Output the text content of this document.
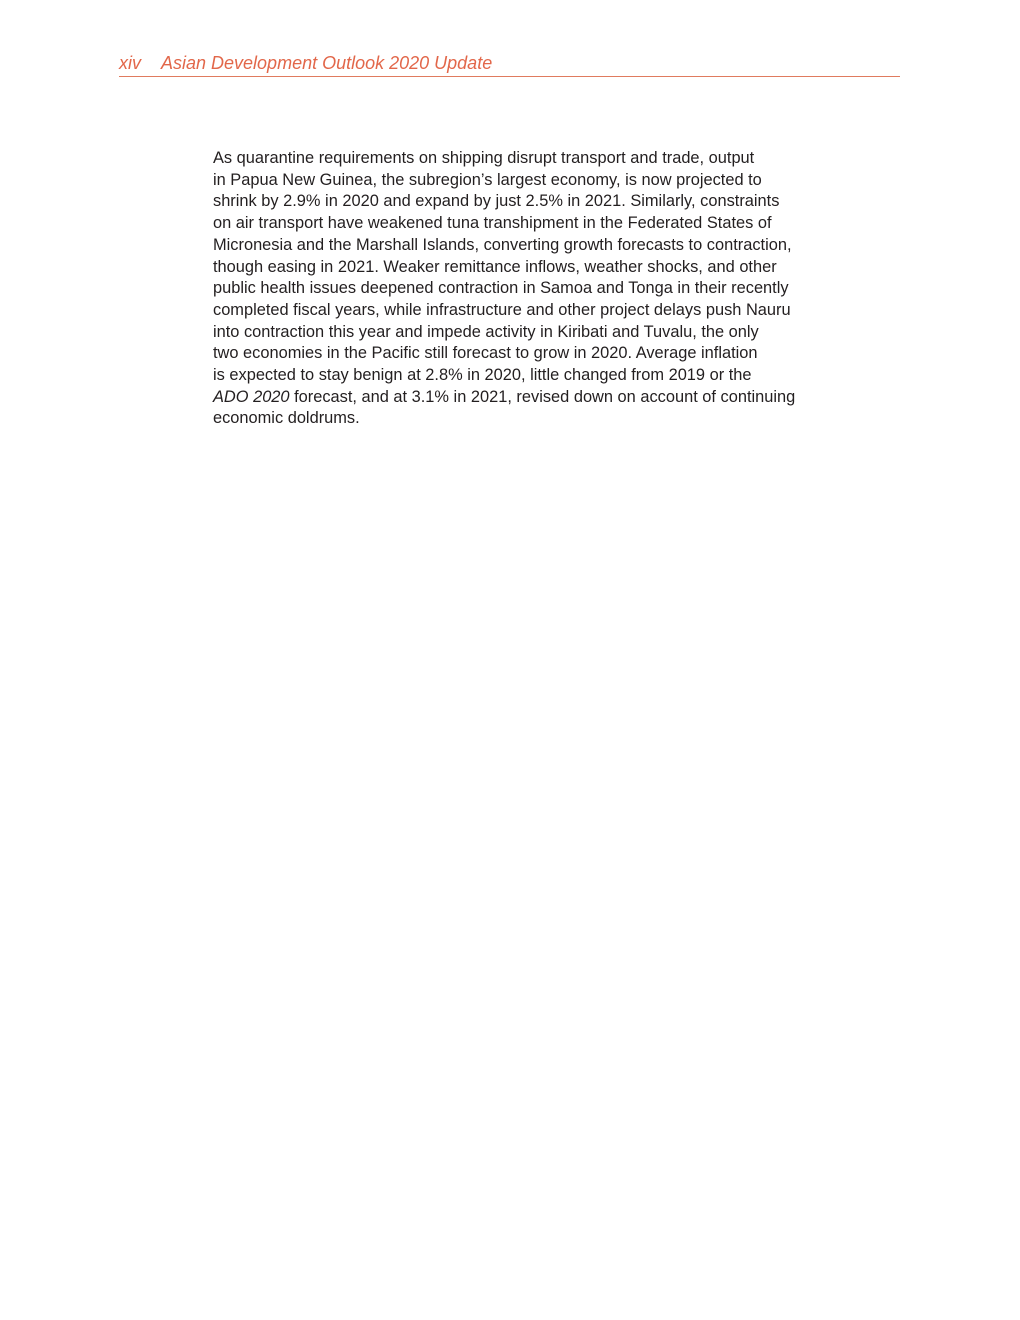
xiv Asian Development Outlook 2020 Update

As quarantine requirements on shipping disrupt transport and trade, output
in Papua New Guinea, the subregion’s largest economy, is now projected to
shrink by 2.9% in 2020 and expand by just 2.5% in 2021. Similarly, constraints
on air transport have weakened tuna transhipment in the Federated States of
Micronesia and the Marshall Islands, converting growth forecasts to contraction,
though easing in 2021. Weaker remittance inflows, weather shocks, and other
public health issues deepened contraction in Samoa and Tonga in their recently
completed fiscal years, while infrastructure and other project delays push Nauru
into contraction this year and impede activity in Kiribati and Tuvalu, the only
two economies in the Pacific still forecast to grow in 2020. Average inflation
is expected to stay benign at 2.8% in 2020, little changed from 2019 or the
ADO 2020 forecast, and at 3.1% in 2021, revised down on account of continuing
economic doldrums.
